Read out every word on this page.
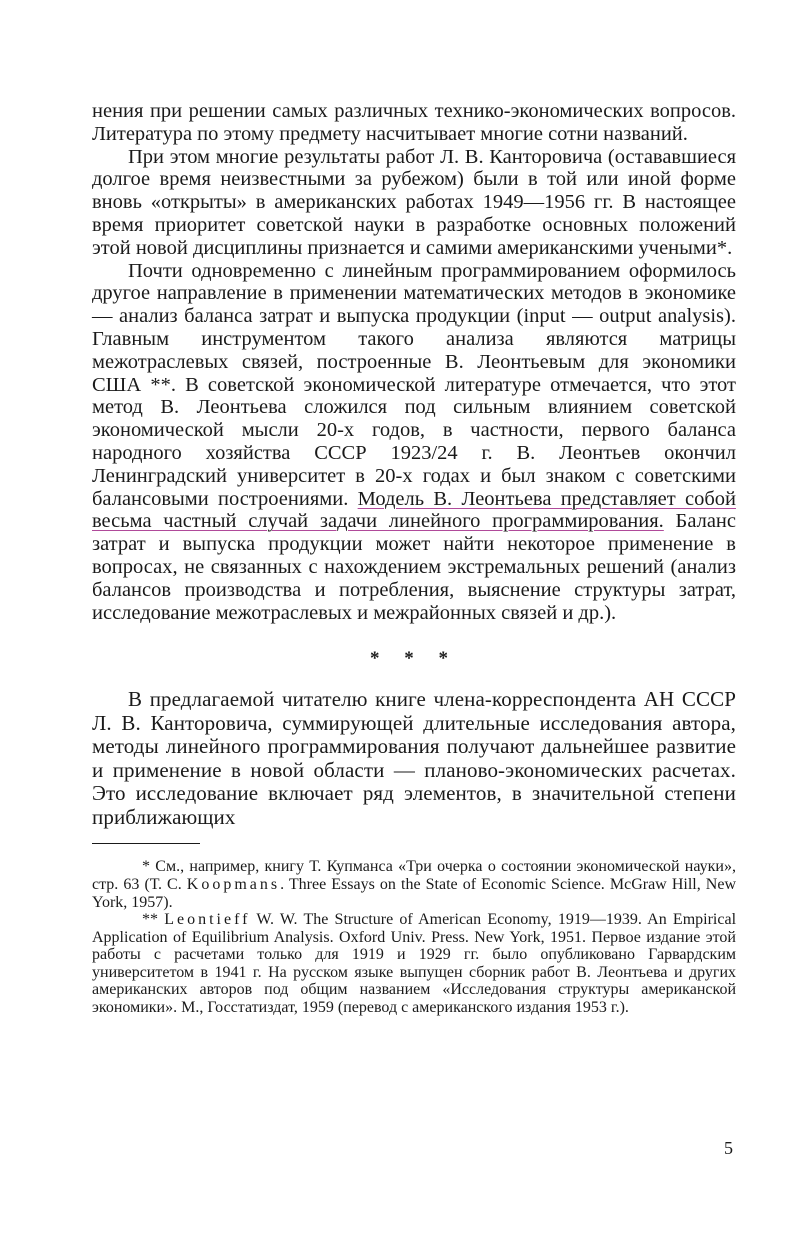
нения при решении самых различных технико-экономических вопросов. Литература по этому предмету насчитывает многие сотни названий.

При этом многие результаты работ Л. В. Канторовича (остававшиеся долгое время неизвестными за рубежом) были в той или иной форме вновь «открыты» в американских работах 1949—1956 гг. В настоящее время приоритет советской науки в разработке основных положений этой новой дисциплины признается и самими американскими учеными*.

Почти одновременно с линейным программированием оформилось другое направление в применении математических методов в экономике — анализ баланса затрат и выпуска продукции (input — output analysis). Главным инструментом такого анализа являются матрицы межотраслевых связей, построенные В. Леонтьевым для экономики США **. В советской экономической литературе отмечается, что этот метод В. Леонтьева сложился под сильным влиянием советской экономической мысли 20-х годов, в частности, первого баланса народного хозяйства СССР 1923/24 г. В. Леонтьев окончил Ленинградский университет в 20-х годах и был знаком с советскими балансовыми построениями. Модель В. Леонтьева представляет собой весьма частный случай задачи линейного программирования. Баланс затрат и выпуска продукции может найти некоторое применение в вопросах, не связанных с нахождением экстремальных решений (анализ балансов производства и потребления, выяснение структуры затрат, исследование межотраслевых и межрайонных связей и др.).

* * *

В предлагаемой читателю книге члена-корреспондента АН СССР Л. В. Канторовича, суммирующей длительные исследования автора, методы линейного программирования получают дальнейшее развитие и применение в новой области — планово-экономических расчетах. Это исследование включает ряд элементов, в значительной степени приближающих

* См., например, книгу Т. Купманса «Три очерка о состоянии экономической науки», стр. 63 (Т. С. Koopmans. Three Essays on the State of Economic Science. McGraw Hill, New York, 1957).

** Leontieff W. W. The Structure of American Economy, 1919—1939. An Empirical Application of Equilibrium Analysis. Oxford Univ. Press. New York, 1951. Первое издание этой работы с расчетами только для 1919 и 1929 гг. было опубликовано Гарвардским университетом в 1941 г. На русском языке выпущен сборник работ В. Леонтьева и других американских авторов под общим названием «Исследования структуры американской экономики». М., Госстатиздат, 1959 (перевод с американского издания 1953 г.).

5
